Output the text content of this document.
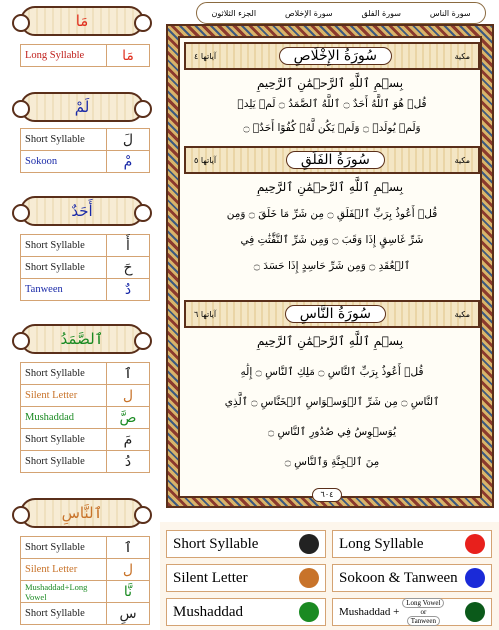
مَا
Long Syllable	مَا
لَمْ
Short Syllable	لَ
Sokoon	مْ
أَحَدٌ
Short Syllable	أَ
Short Syllable	حَ
Tanween	دٌ
ٱلصَّمَدُ
Short Syllable	ٱ
Silent Letter	ل
Mushaddad	صَّ
Short Syllable	مَ
Short Syllable	دُ
ٱلنَّاسِ
Short Syllable	ٱ
Silent Letter	ل
Mushaddad+Long Vowel	نَّا
Short Syllable	سِ
سورة الناس
سورة الفلق
سورة الإخلاص
الجزء الثلاثون
مكية
سُورَةُ الإِخْلَاصِ
آياتها ٤
بِسۡمِ ٱللَّهِ ٱلرَّحۡمَٰنِ ٱلرَّحِيمِ
قُلۡ هُوَ ٱللَّهُ أَحَدٌ ۝ ٱللَّهُ ٱلصَّمَدُ ۝ لَمۡ يَلِدۡ
وَلَمۡ يُولَدۡ ۝ وَلَمۡ يَكُن لَّهُۥ كُفُوًا أَحَدٌۢ ۝
مكية
سُورَةُ الفَلَقِ
آياتها ٥
بِسۡمِ ٱللَّهِ ٱلرَّحۡمَٰنِ ٱلرَّحِيمِ
قُلۡ أَعُوذُ بِرَبِّ ٱلۡفَلَقِ ۝ مِن شَرِّ مَا خَلَقَ ۝ وَمِن
شَرِّ غَاسِقٍ إِذَا وَقَبَ ۝ وَمِن شَرِّ ٱلنَّفَّٰثَٰتِ فِي
ٱلۡعُقَدِ ۝ وَمِن شَرِّ حَاسِدٍ إِذَا حَسَدَ ۝
مكية
سُورَةُ النَّاسِ
آياتها ٦
بِسۡمِ ٱللَّهِ ٱلرَّحۡمَٰنِ ٱلرَّحِيمِ
قُلۡ أَعُوذُ بِرَبِّ ٱلنَّاسِ ۝ مَلِكِ ٱلنَّاسِ ۝ إِلَٰهِ
ٱلنَّاسِ ۝ مِن شَرِّ ٱلۡوَسۡوَاسِ ٱلۡخَنَّاسِ ۝ ٱلَّذِي
يُوَسۡوِسُ فِي صُدُورِ ٱلنَّاسِ ۝
مِنَ ٱلۡجِنَّةِ وَٱلنَّاسِ ۝
٦٠٤
Short Syllable	Long Syllable
Silent Letter	Sokoon & Tanween
Mushaddad	Mushaddad +
Long Vowel
or
Tanween
